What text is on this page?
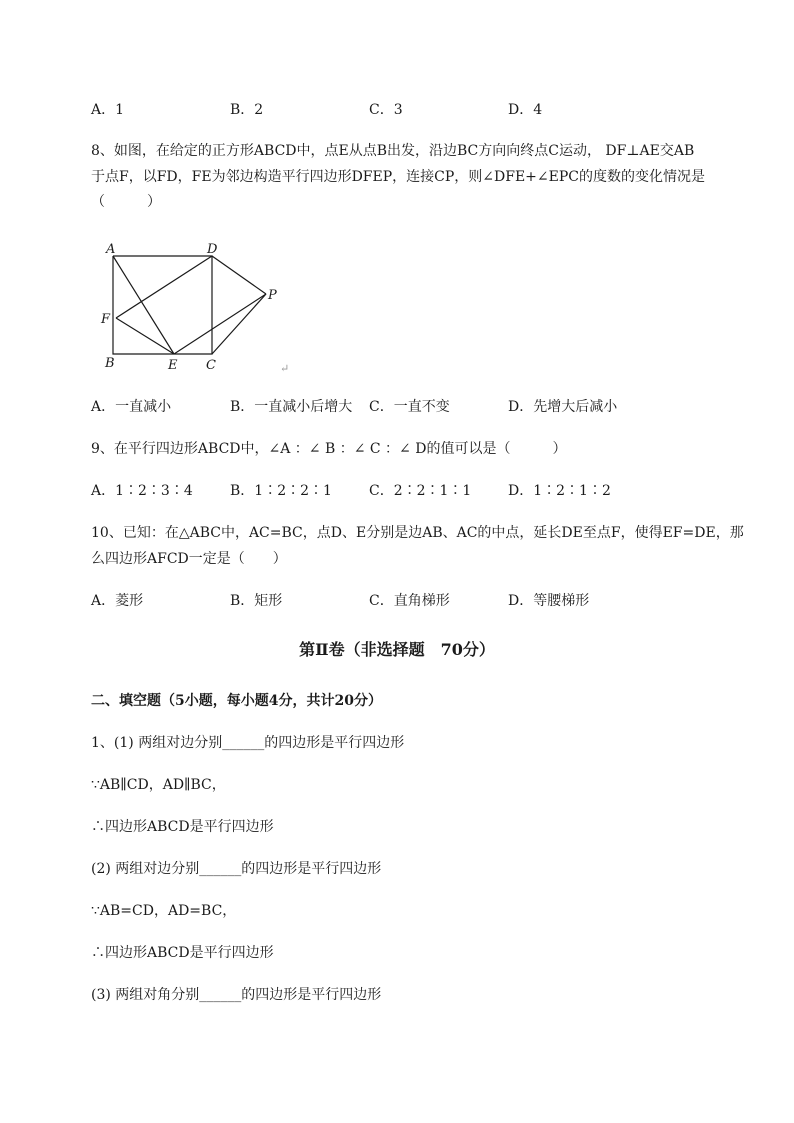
A．1	B．2	C．3	D．4
8、如图，在给定的正方形ABCD中，点E从点B出发，沿边BC方向向终点C运动， DF⊥AE交AB
于点F，以FD，FE为邻边构造平行四边形DFEP，连接CP，则∠DFE+∠EPC的度数的变化情况是
（　　　）
A	D
P
F
B	E C	↵
A．一直减小	B．一直减小后增大 C．一直不变	D．先增大后减小
9、在平行四边形ABCD中，∠A ：∠ B ：∠ C ：∠ D的值可以是（　　　）
A．1∶2∶3∶4	B．1∶2∶2∶1	C．2∶2∶1∶1	D．1∶2∶1∶2
10、已知：在△ABC中，AC=BC，点D、E分别是边AB、AC的中点，延长DE至点F，使得EF=DE，那
么四边形AFCD一定是（　　）
A．菱形	B．矩形	C．直角梯形	D．等腰梯形
第Ⅱ卷（非选择题　70分）
二、填空题（5小题，每小题4分，共计20分）
1、(1) 两组对边分别______的四边形是平行四边形
∵AB∥CD，AD∥BC，
∴四边形ABCD是平行四边形
(2) 两组对边分别______的四边形是平行四边形
∵AB=CD，AD=BC，
∴四边形ABCD是平行四边形
(3) 两组对角分别______的四边形是平行四边形
